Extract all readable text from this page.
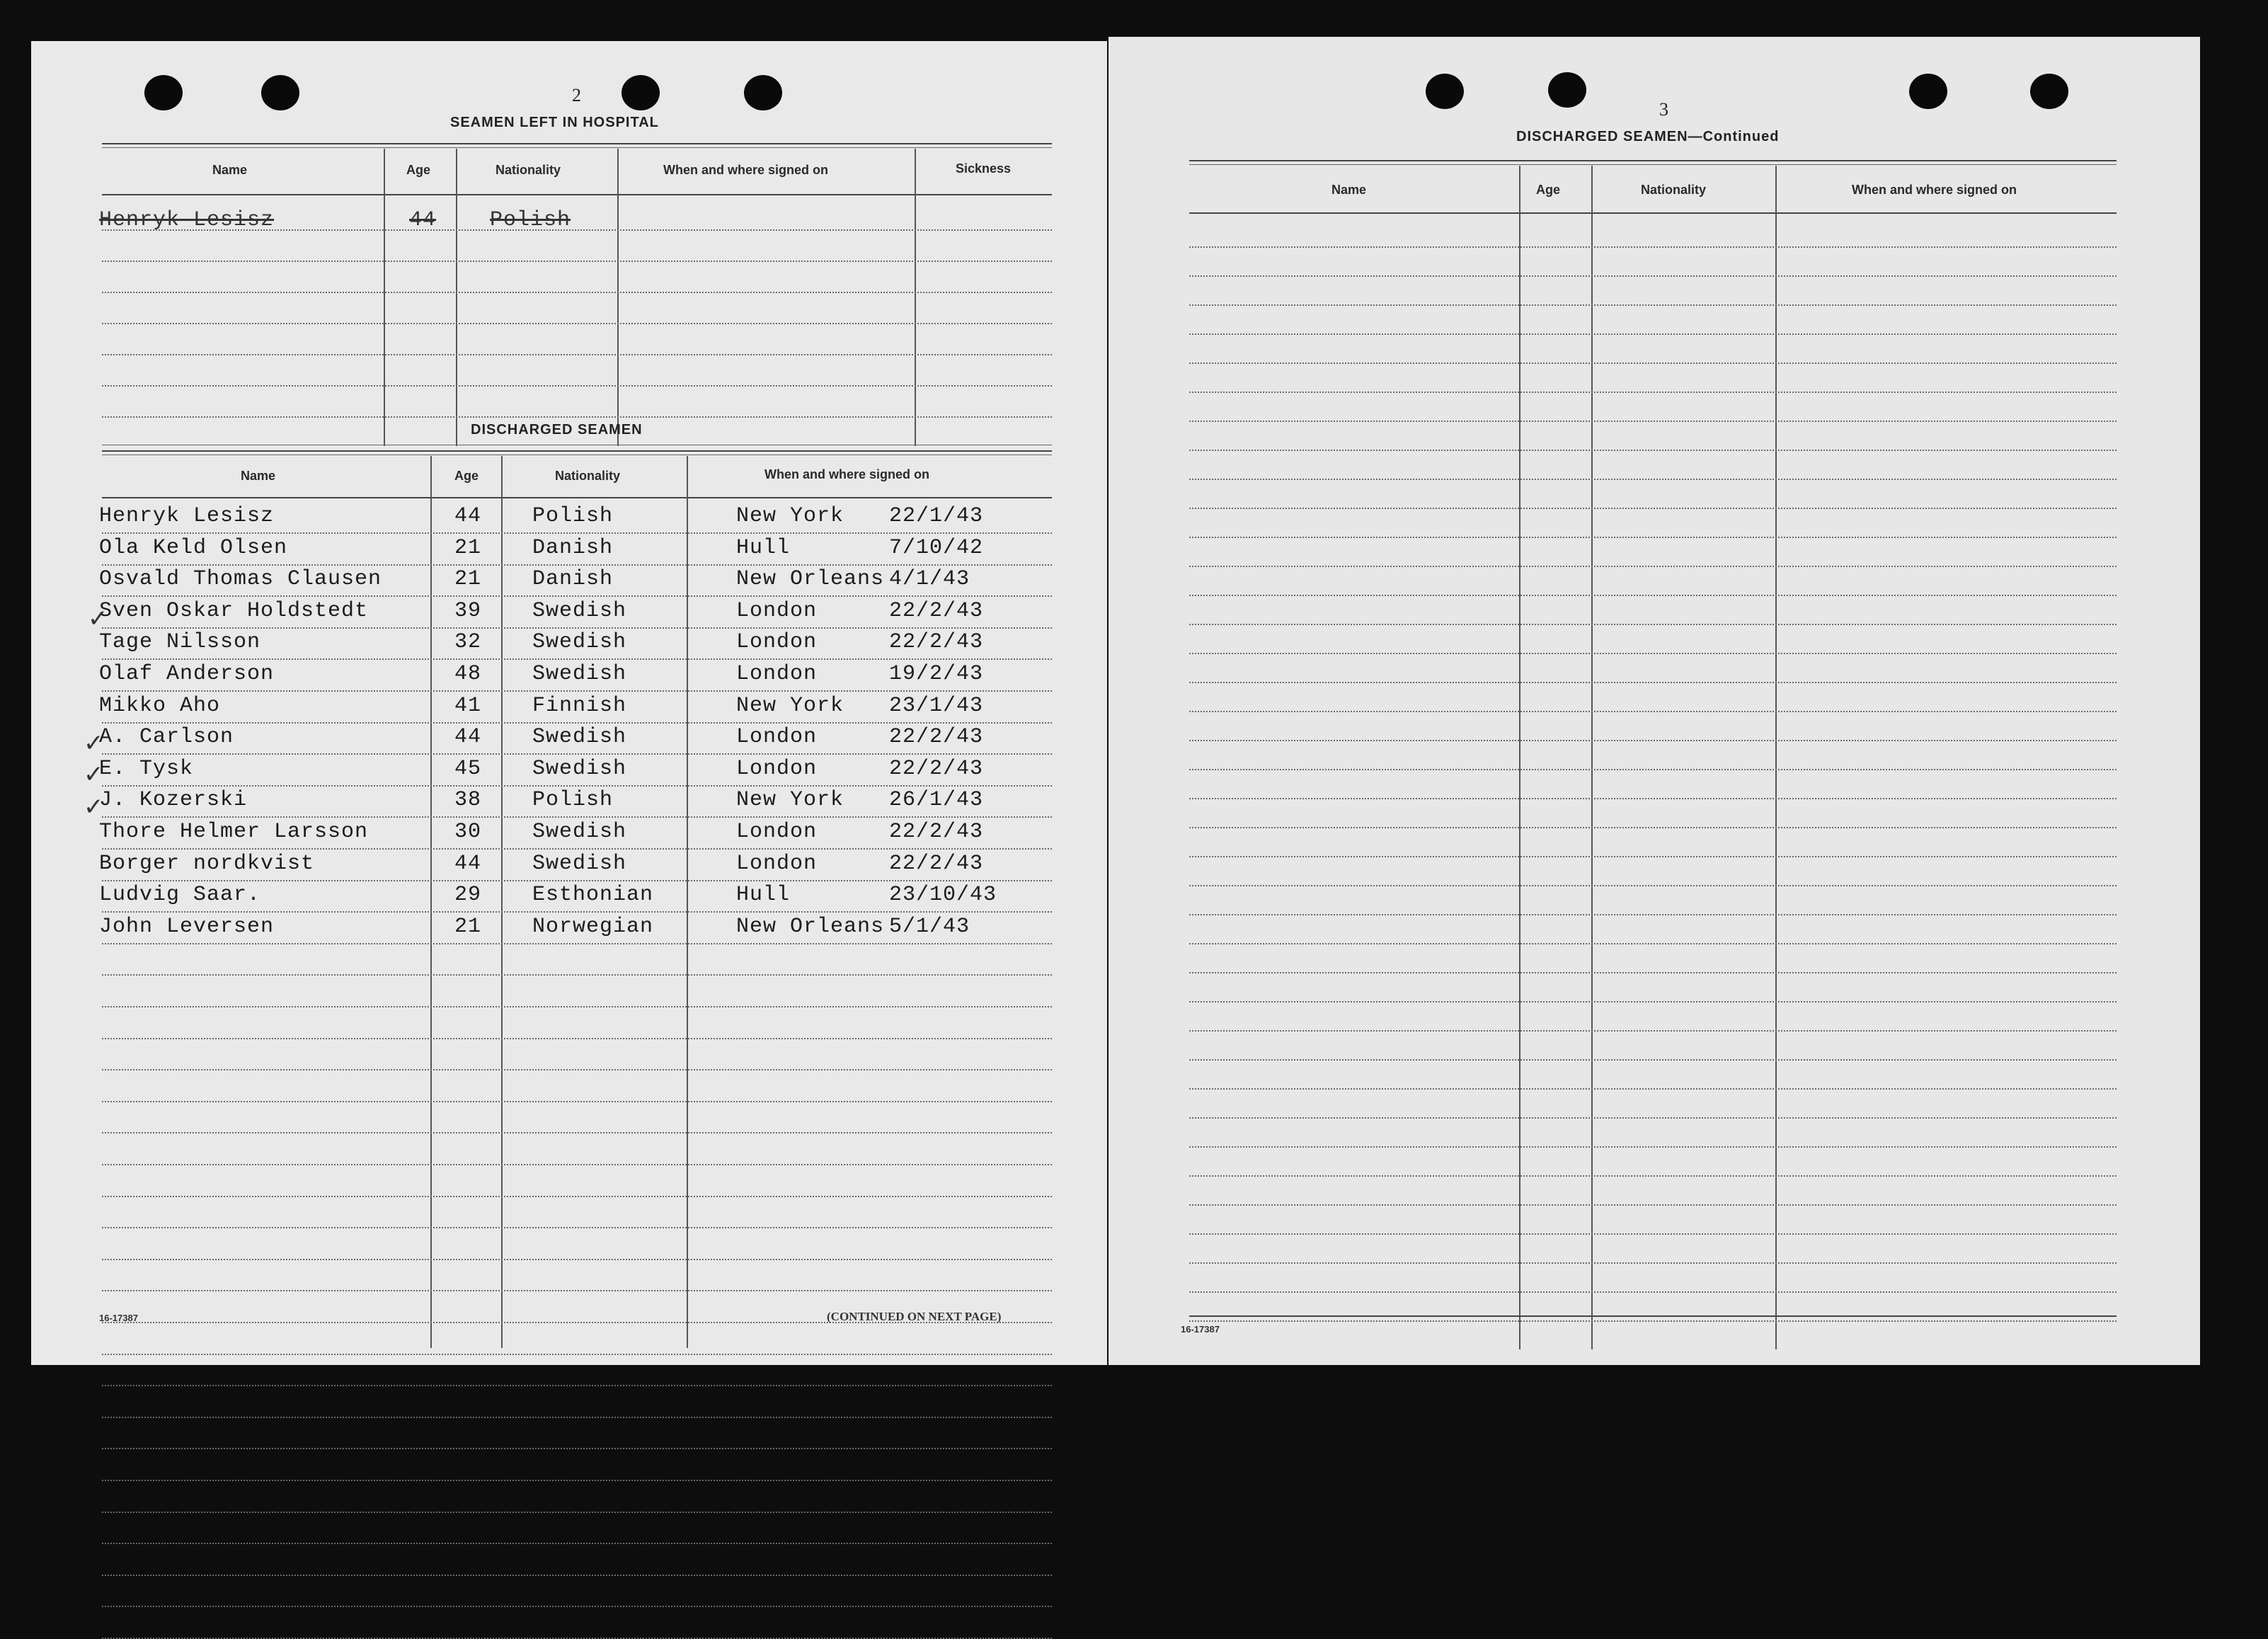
2
SEAMEN LEFT IN HOSPITAL
Name	Age	Nationality	When and where signed on	Sickness
Henryk Lesisz	44	Polish
DISCHARGED SEAMEN
Name	Age	Nationality	When and where signed on
Henryk Lesisz	44 Polish	New York 22/1/43
Ola Keld Olsen	21 Danish	Hull	7/10/42
Osvald Thomas Clausen	21 Danish	New Orleans 4/1/43
Sven Oskar Holdstedt	39 Swedish	London	22/2/43
Tage Nilsson	32 Swedish	London	22/2/43
Olaf Anderson	48 Swedish	London	19/2/43
Mikko Aho	41 Finnish	New York 23/1/43
A. Carlson	44 Swedish	London	22/2/43
E. Tysk	45 Swedish	London	22/2/43
J. Kozerski	38 Polish	New York 26/1/43
Thore Helmer Larsson	30 Swedish	London	22/2/43
Borger nordkvist	44 Swedish	London	22/2/43
Ludvig Saar.	29 Esthonian	Hull	23/10/43
John Leversen	21 Norwegian	New Orleans 5/1/43
✓
✓
✓
✓
16-17387	(CONTINUED ON NEXT PAGE)
3
DISCHARGED SEAMEN—Continued
Name	Age	Nationality	When and where signed on
16-17387
